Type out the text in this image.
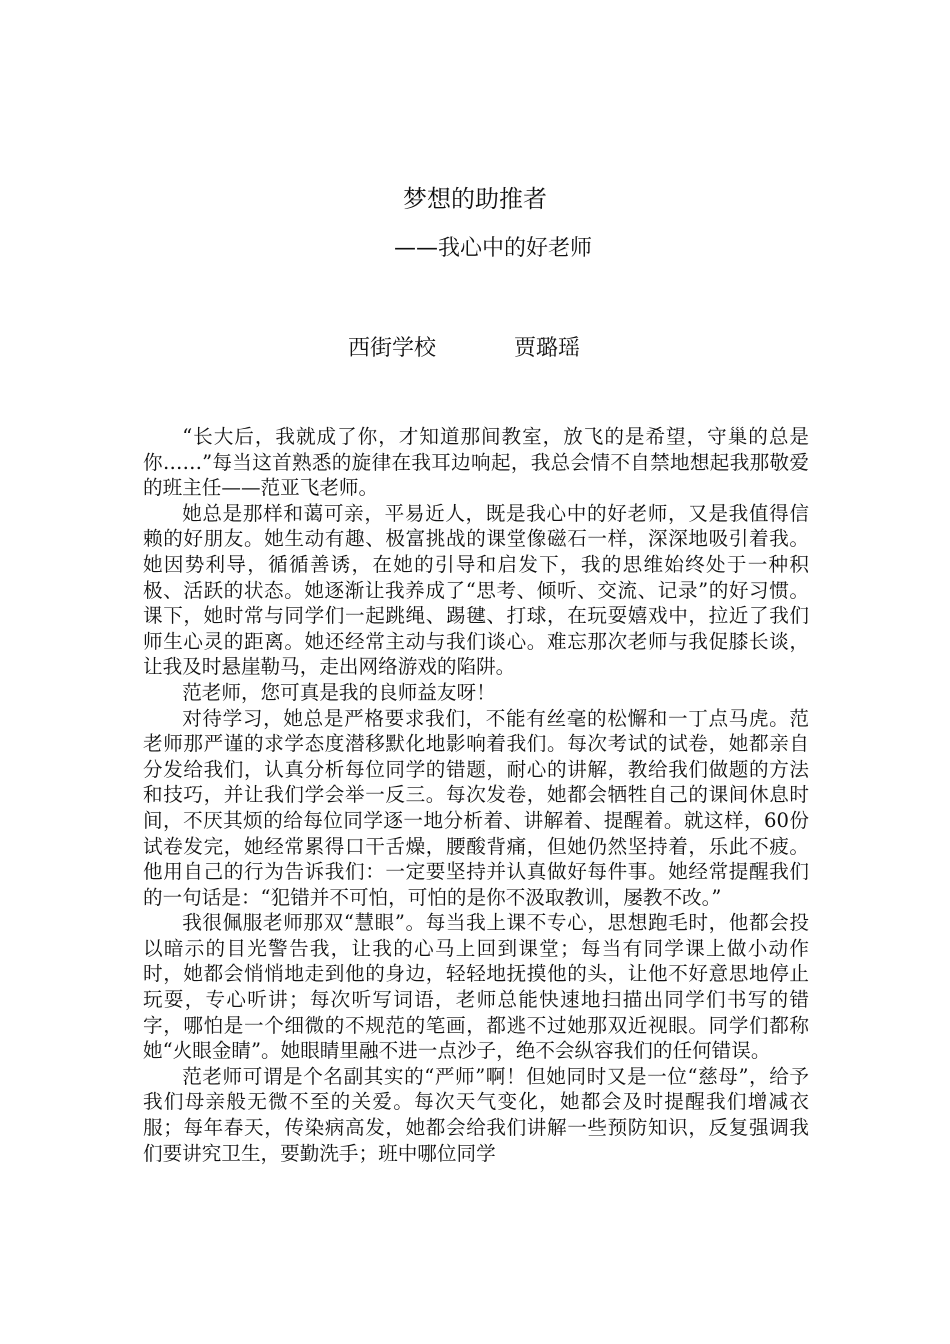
梦想的助推者
——我心中的好老师
西街学校	贾璐瑶

“长大后，我就成了你，才知道那间教室，放飞的是希望，守巢的总是你……”每当这首熟悉的旋律在我耳边响起，我总会情不自禁地想起我那敬爱的班主任——范亚飞老师。

她总是那样和蔼可亲，平易近人，既是我心中的好老师，又是我值得信赖的好朋友。她生动有趣、极富挑战的课堂像磁石一样，深深地吸引着我。她因势利导，循循善诱，在她的引导和启发下，我的思维始终处于一种积极、活跃的状态。她逐渐让我养成了“思考、倾听、交流、记录”的好习惯。课下，她时常与同学们一起跳绳、踢毽、打球，在玩耍嬉戏中，拉近了我们师生心灵的距离。她还经常主动与我们谈心。难忘那次老师与我促膝长谈，让我及时悬崖勒马，走出网络游戏的陷阱。

范老师，您可真是我的良师益友呀！

对待学习，她总是严格要求我们，不能有丝毫的松懈和一丁点马虎。范老师那严谨的求学态度潜移默化地影响着我们。每次考试的试卷，她都亲自分发给我们，认真分析每位同学的错题，耐心的讲解，教给我们做题的方法和技巧，并让我们学会举一反三。每次发卷，她都会牺牲自己的课间休息时间，不厌其烦的给每位同学逐一地分析着、讲解着、提醒着。就这样，60份试卷发完，她经常累得口干舌燥，腰酸背痛，但她仍然坚持着，乐此不疲。他用自己的行为告诉我们：一定要坚持并认真做好每件事。她经常提醒我们的一句话是：“犯错并不可怕，可怕的是你不汲取教训，屡教不改。”

我很佩服老师那双“慧眼”。每当我上课不专心，思想跑毛时，他都会投以暗示的目光警告我，让我的心马上回到课堂；每当有同学课上做小动作时，她都会悄悄地走到他的身边，轻轻地抚摸他的头，让他不好意思地停止玩耍，专心听讲；每次听写词语，老师总能快速地扫描出同学们书写的错字，哪怕是一个细微的不规范的笔画，都逃不过她那双近视眼。同学们都称她“火眼金睛”。她眼睛里融不进一点沙子，绝不会纵容我们的任何错误。

范老师可谓是个名副其实的“严师”啊！但她同时又是一位“慈母”，给予我们母亲般无微不至的关爱。每次天气变化，她都会及时提醒我们增减衣服；每年春天，传染病高发，她都会给我们讲解一些预防知识，反复强调我们要讲究卫生，要勤洗手；班中哪位同学
